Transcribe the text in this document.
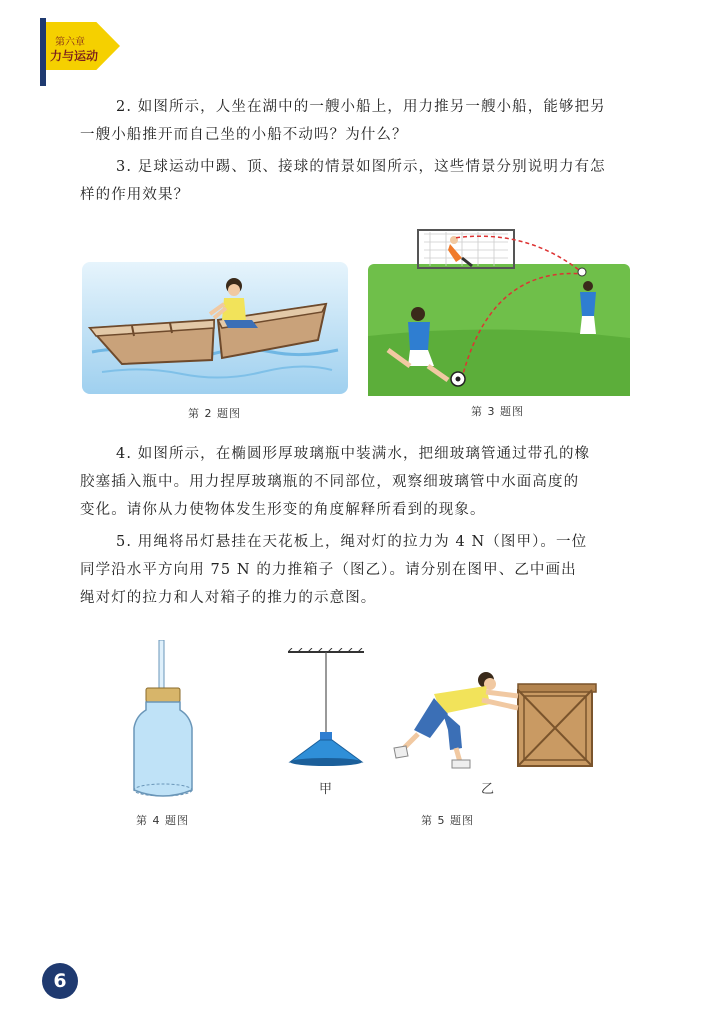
第六章
力与运动

2. 如图所示，人坐在湖中的一艘小船上，用力推另一艘小船，能够把另
一艘小船推开而自己坐的小船不动吗？为什么？

3. 足球运动中踢、顶、接球的情景如图所示，这些情景分别说明力有怎
样的作用效果？

第 2 题图	第 3 题图

4. 如图所示，在椭圆形厚玻璃瓶中装满水，把细玻璃管通过带孔的橡
胶塞插入瓶中。用力捏厚玻璃瓶的不同部位，观察细玻璃管中水面高度的
变化。请你从力使物体发生形变的角度解释所看到的现象。

5. 用绳将吊灯悬挂在天花板上，绳对灯的拉力为 4 N（图甲）。一位
同学沿水平方向用 75 N 的力推箱子（图乙）。请分别在图甲、乙中画出
绳对灯的拉力和人对箱子的推力的示意图。

第 4 题图
甲	乙
第 5 题图
6
